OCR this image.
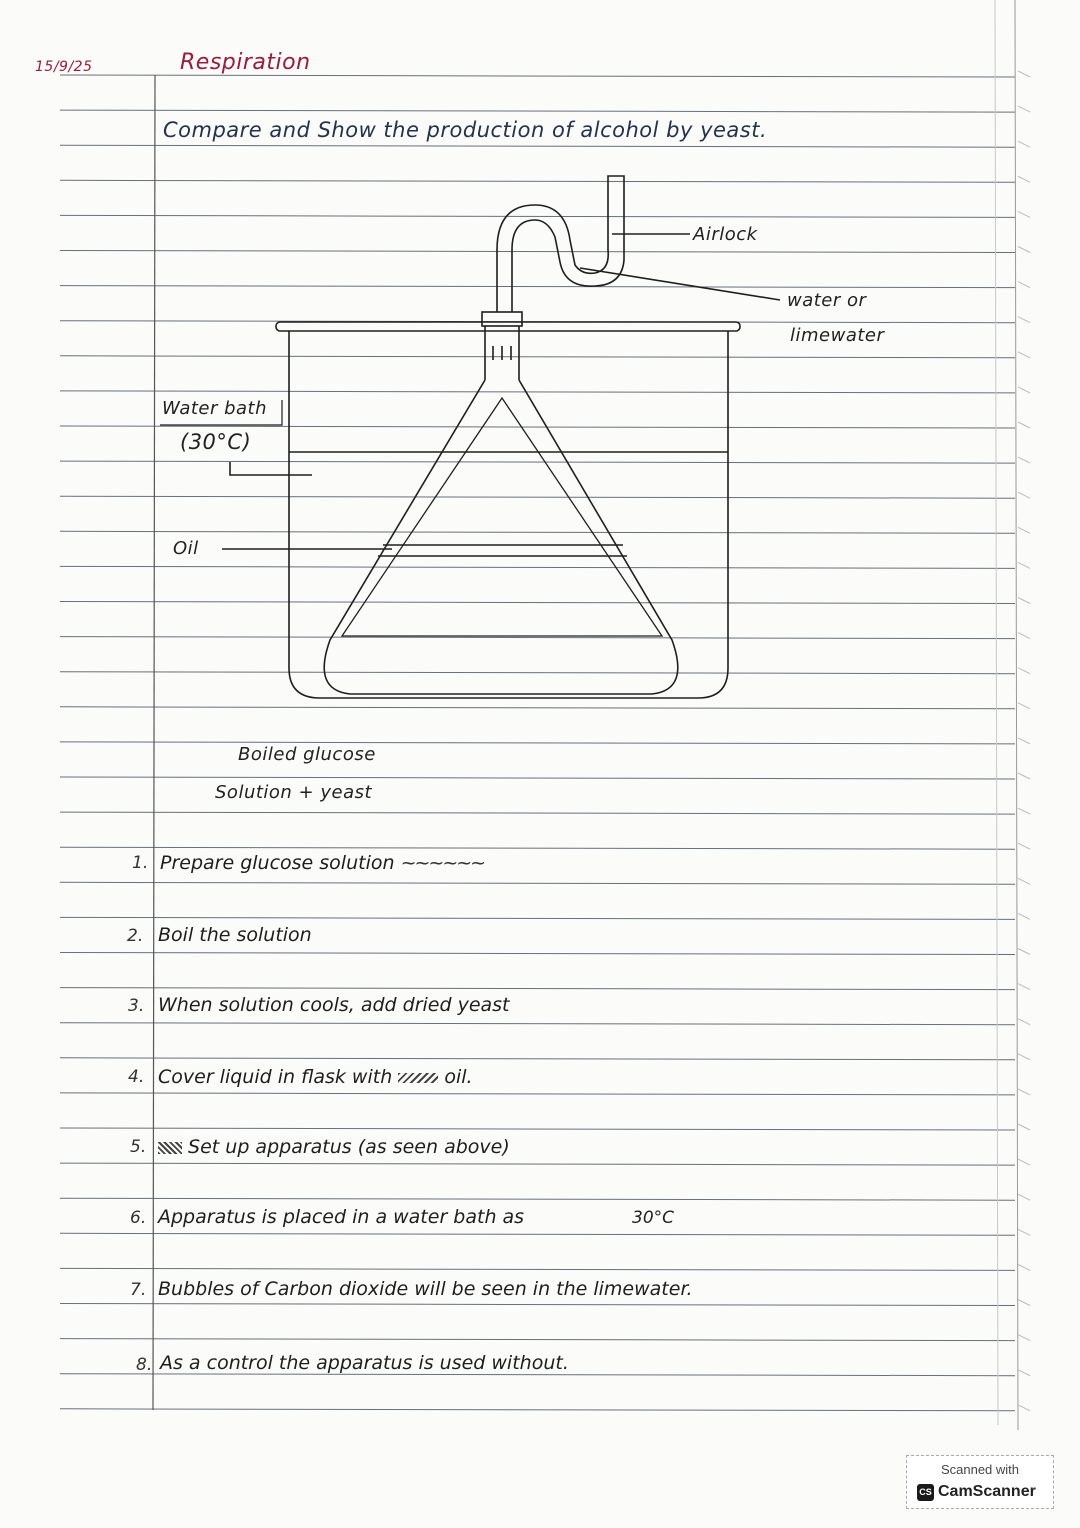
15/9/25	Respiration
Compare and Show the production of alcohol by yeast.
Airlock
water or
limewater
Water bath
(30°C)
Oil
Boiled glucose
Solution + yeast
1. Prepare glucose solution ~~~~~~
2. Boil the solution
3. When solution cools, add dried yeast
4. Cover liquid in flask with	oil.
5.	Set up apparatus (as seen above)
6. Apparatus is placed in a water bath as	30°C
7. Bubbles of Carbon dioxide will be seen in the limewater.
8. As a control the apparatus is used without.
Scanned with
CS CamScanner
